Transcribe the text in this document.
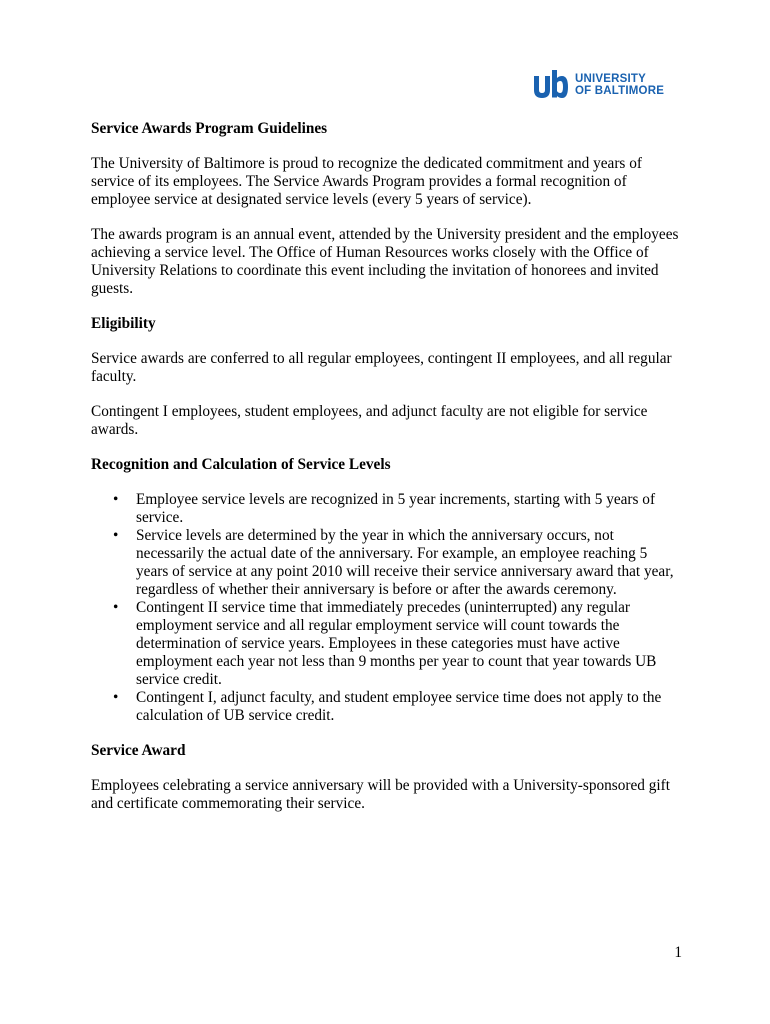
UNIVERSITY
OF BALTIMORE

Service Awards Program Guidelines

The University of Baltimore is proud to recognize the dedicated commitment and years of service of its employees. The Service Awards Program provides a formal recognition of employee service at designated service levels (every 5 years of service).

The awards program is an annual event, attended by the University president and the employees achieving a service level. The Office of Human Resources works closely with the Office of University Relations to coordinate this event including the invitation of honorees and invited guests.

Eligibility

Service awards are conferred to all regular employees, contingent II employees, and all regular faculty.

Contingent I employees, student employees, and adjunct faculty are not eligible for service awards.

Recognition and Calculation of Service Levels

• Employee service levels are recognized in 5 year increments, starting with 5 years of service.
• Service levels are determined by the year in which the anniversary occurs, not necessarily the actual date of the anniversary. For example, an employee reaching 5 years of service at any point 2010 will receive their service anniversary award that year, regardless of whether their anniversary is before or after the awards ceremony.
• Contingent II service time that immediately precedes (uninterrupted) any regular employment service and all regular employment service will count towards the determination of service years. Employees in these categories must have active employment each year not less than 9 months per year to count that year towards UB service credit.
• Contingent I, adjunct faculty, and student employee service time does not apply to the calculation of UB service credit.

Service Award

Employees celebrating a service anniversary will be provided with a University-sponsored gift and certificate commemorating their service.

1
